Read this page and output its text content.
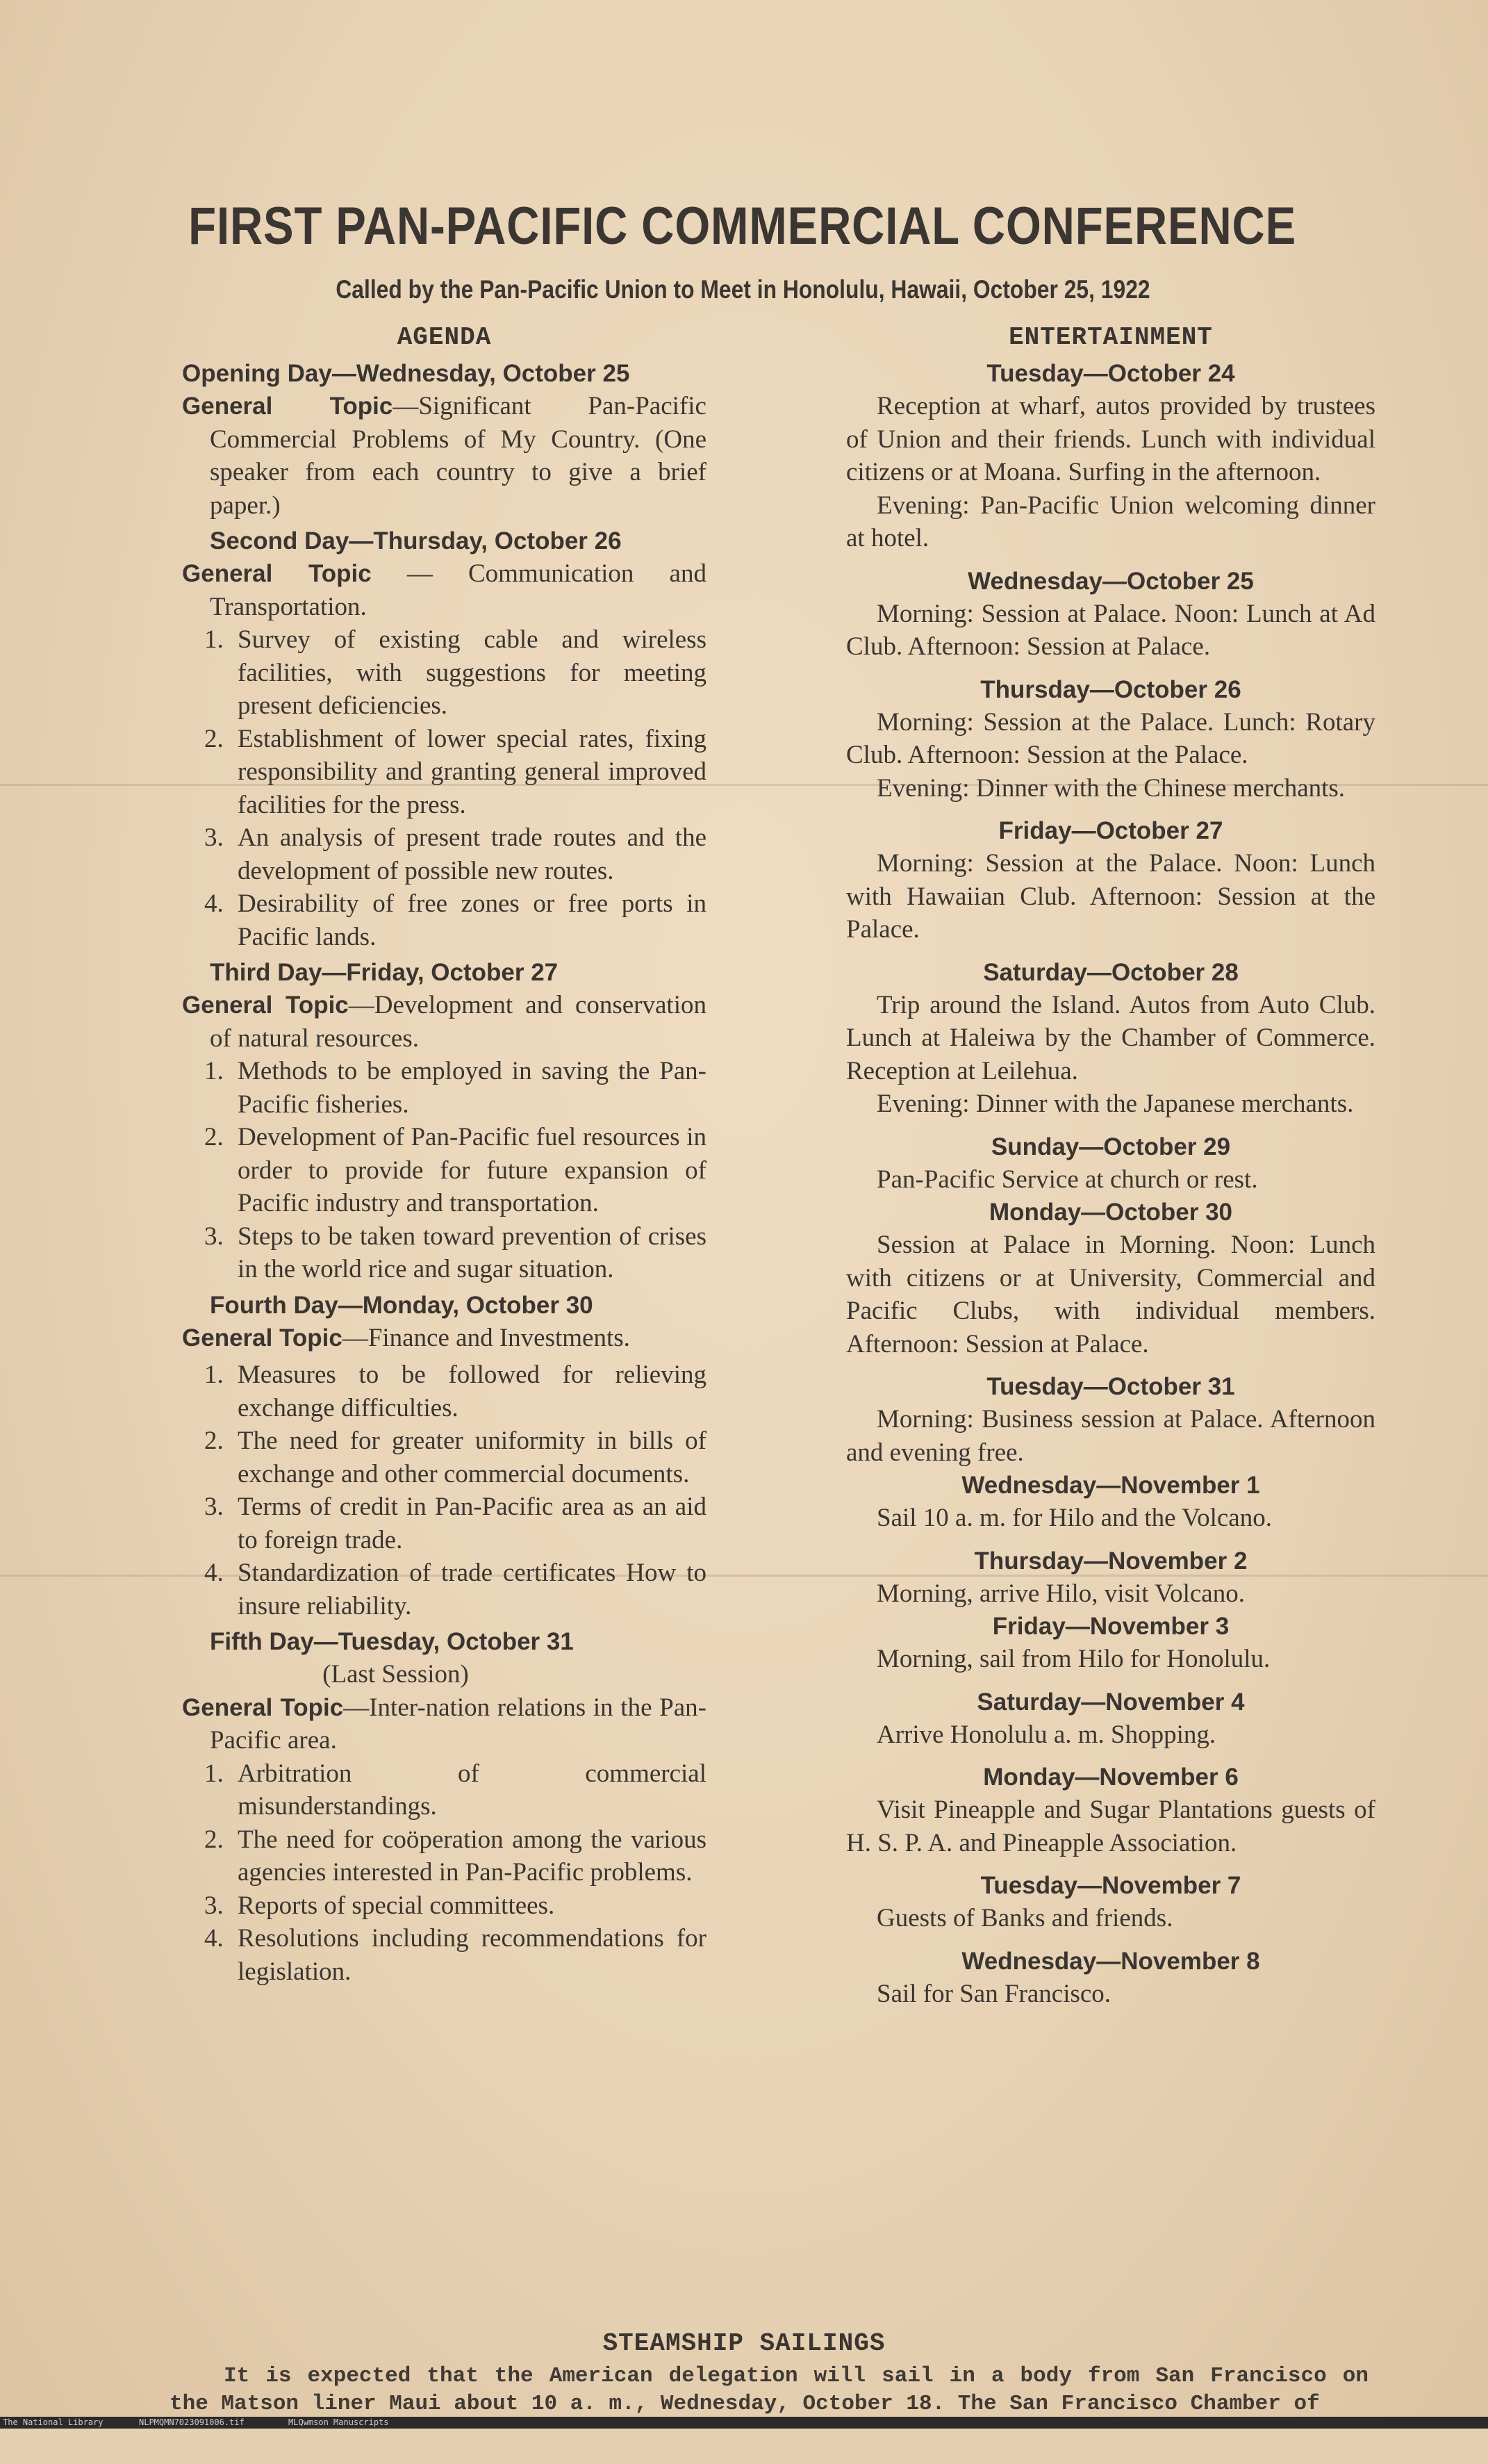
FIRST PAN-PACIFIC COMMERCIAL CONFERENCE
Called by the Pan-Pacific Union to Meet in Honolulu, Hawaii, October 25, 1922
AGENDA
Opening Day—Wednesday, October 25

General Topic—Significant Pan-Pacific Commercial Problems of My Country. (One speaker from each country to give a brief paper.)

Second Day—Thursday, October 26

General Topic — Communication and Transportation.

1. Survey of existing cable and wireless facilities, with suggestions for meeting present deficiencies.
2. Establishment of lower special rates, fixing responsibility and granting general improved facilities for the press.
3. An analysis of present trade routes and the development of possible new routes.
4. Desirability of free zones or free ports in Pacific lands.
Third Day—Friday, October 27

General Topic—Development and conservation of natural resources.

1. Methods to be employed in saving the Pan-Pacific fisheries.
2. Development of Pan-Pacific fuel resources in order to provide for future expansion of Pacific industry and transportation.
3. Steps to be taken toward prevention of crises in the world rice and sugar situation.
Fourth Day—Monday, October 30

General Topic—Finance and Investments.

1. Measures to be followed for relieving exchange difficulties.
2. The need for greater uniformity in bills of exchange and other commercial documents.
3. Terms of credit in Pan-Pacific area as an aid to foreign trade.
4. Standardization of trade certificates How to insure reliability.
Fifth Day—Tuesday, October 31
(Last Session)

General Topic—Inter-nation relations in the Pan-Pacific area.

1. Arbitration of commercial misunderstandings.
2. The need for coöperation among the various agencies interested in Pan-Pacific problems.
3. Reports of special committees.
4. Resolutions including recommendations for legislation.
ENTERTAINMENT
Tuesday—October 24

Reception at wharf, autos provided by trustees of Union and their friends. Lunch with individual citizens or at Moana. Surfing in the afternoon.

Evening: Pan-Pacific Union welcoming dinner at hotel.

Wednesday—October 25

Morning: Session at Palace. Noon: Lunch at Ad Club. Afternoon: Session at Palace.

Thursday—October 26

Morning: Session at the Palace. Lunch: Rotary Club. Afternoon: Session at the Palace.

Evening: Dinner with the Chinese merchants.

Friday—October 27

Morning: Session at the Palace. Noon: Lunch with Hawaiian Club. Afternoon: Session at the Palace.

Saturday—October 28

Trip around the Island. Autos from Auto Club. Lunch at Haleiwa by the Chamber of Commerce. Reception at Leilehua.

Evening: Dinner with the Japanese merchants.

Sunday—October 29

Pan-Pacific Service at church or rest.

Monday—October 30

Session at Palace in Morning. Noon: Lunch with citizens or at University, Commercial and Pacific Clubs, with individual members. Afternoon: Session at Palace.

Tuesday—October 31

Morning: Business session at Palace. Afternoon and evening free.

Wednesday—November 1

Sail 10 a. m. for Hilo and the Volcano.

Thursday—November 2

Morning, arrive Hilo, visit Volcano.

Friday—November 3

Morning, sail from Hilo for Honolulu.

Saturday—November 4

Arrive Honolulu a. m. Shopping.

Monday—November 6

Visit Pineapple and Sugar Plantations guests of H. S. P. A. and Pineapple Association.

Tuesday—November 7

Guests of Banks and friends.

Wednesday—November 8

Sail for San Francisco.

STEAMSHIP SAILINGS
It is expected that the American delegation will sail in a body from San Francisco on the Matson liner Maui about 10 a. m., Wednesday, October 18. The San Francisco Chamber of

The National Library

	NLPMQMN7023091006.tif

	MLQwmson Manuscripts
